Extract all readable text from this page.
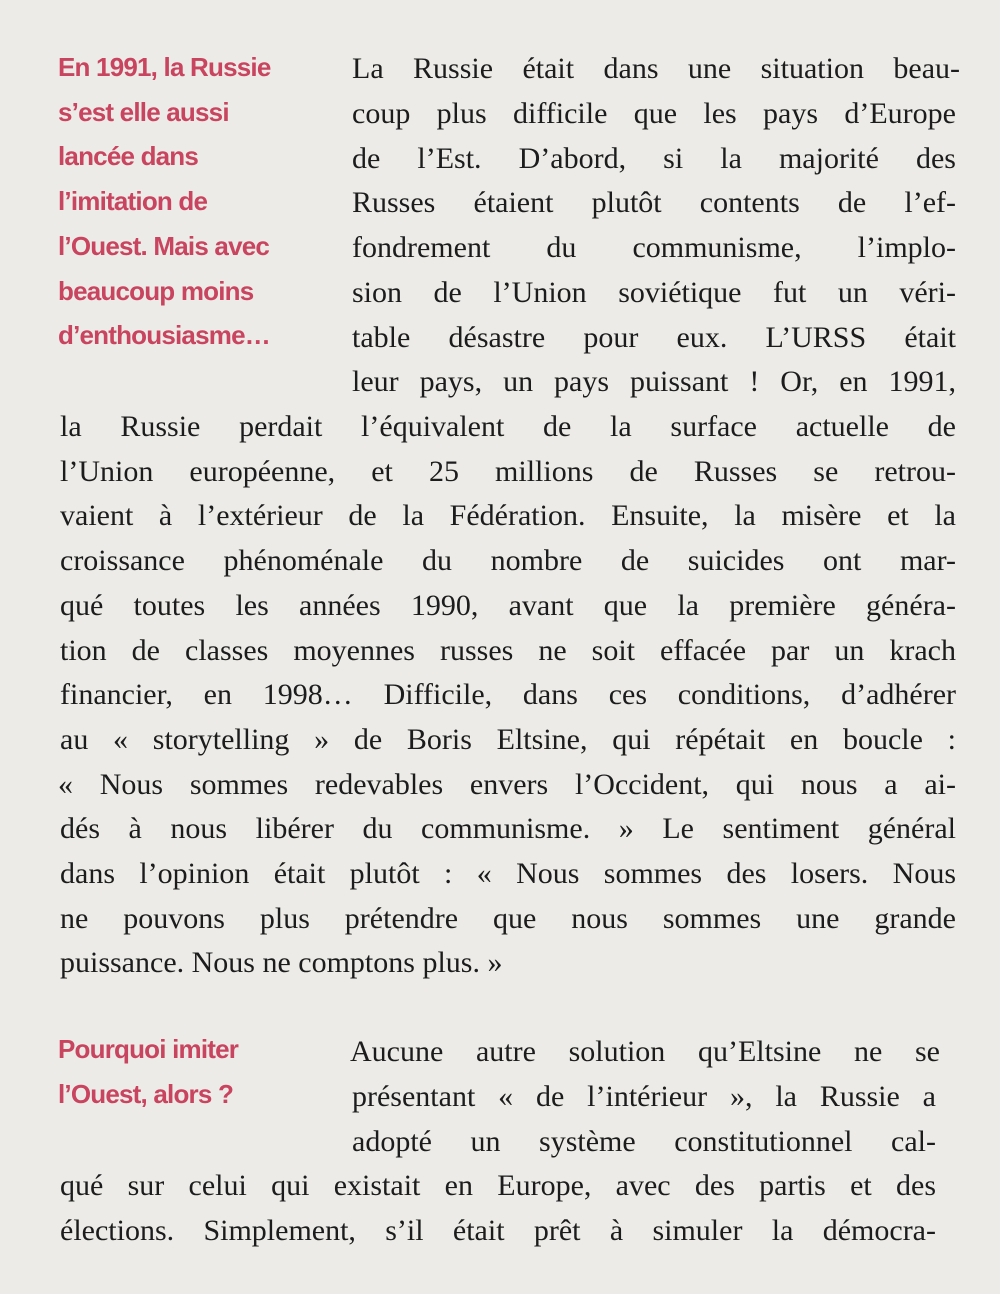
En 1991, la Russie
s’est elle aussi
lancée dans
l’imitation de
l’Ouest. Mais avec
beaucoup moins
d’enthousiasme…
La Russie était dans une situation beau-
coup plus difficile que les pays d’Europe
de l’Est. D’abord, si la majorité des
Russes étaient plutôt contents de l’ef-
fondrement du communisme, l’implo-
sion de l’Union soviétique fut un véri-
table désastre pour eux. L’URSS était
leur pays, un pays puissant ! Or, en 1991,
la Russie perdait l’équivalent de la surface actuelle de
l’Union européenne, et 25 millions de Russes se retrou-
vaient à l’extérieur de la Fédération. Ensuite, la misère et la
croissance phénoménale du nombre de suicides ont mar-
qué toutes les années 1990, avant que la première généra-
tion de classes moyennes russes ne soit effacée par un krach
financier, en 1998… Difficile, dans ces conditions, d’adhérer
au « storytelling » de Boris Eltsine, qui répétait en boucle :
« Nous sommes redevables envers l’Occident, qui nous a ai-
dés à nous libérer du communisme. » Le sentiment général
dans l’opinion était plutôt : « Nous sommes des losers. Nous
ne pouvons plus prétendre que nous sommes une grande
puissance. Nous ne comptons plus. »
Pourquoi imiter
l’Ouest, alors ?
Aucune autre solution qu’Eltsine ne se
présentant « de l’intérieur », la Russie a
adopté un système constitutionnel cal-
qué sur celui qui existait en Europe, avec des partis et des
élections. Simplement, s’il était prêt à simuler la démocra-
